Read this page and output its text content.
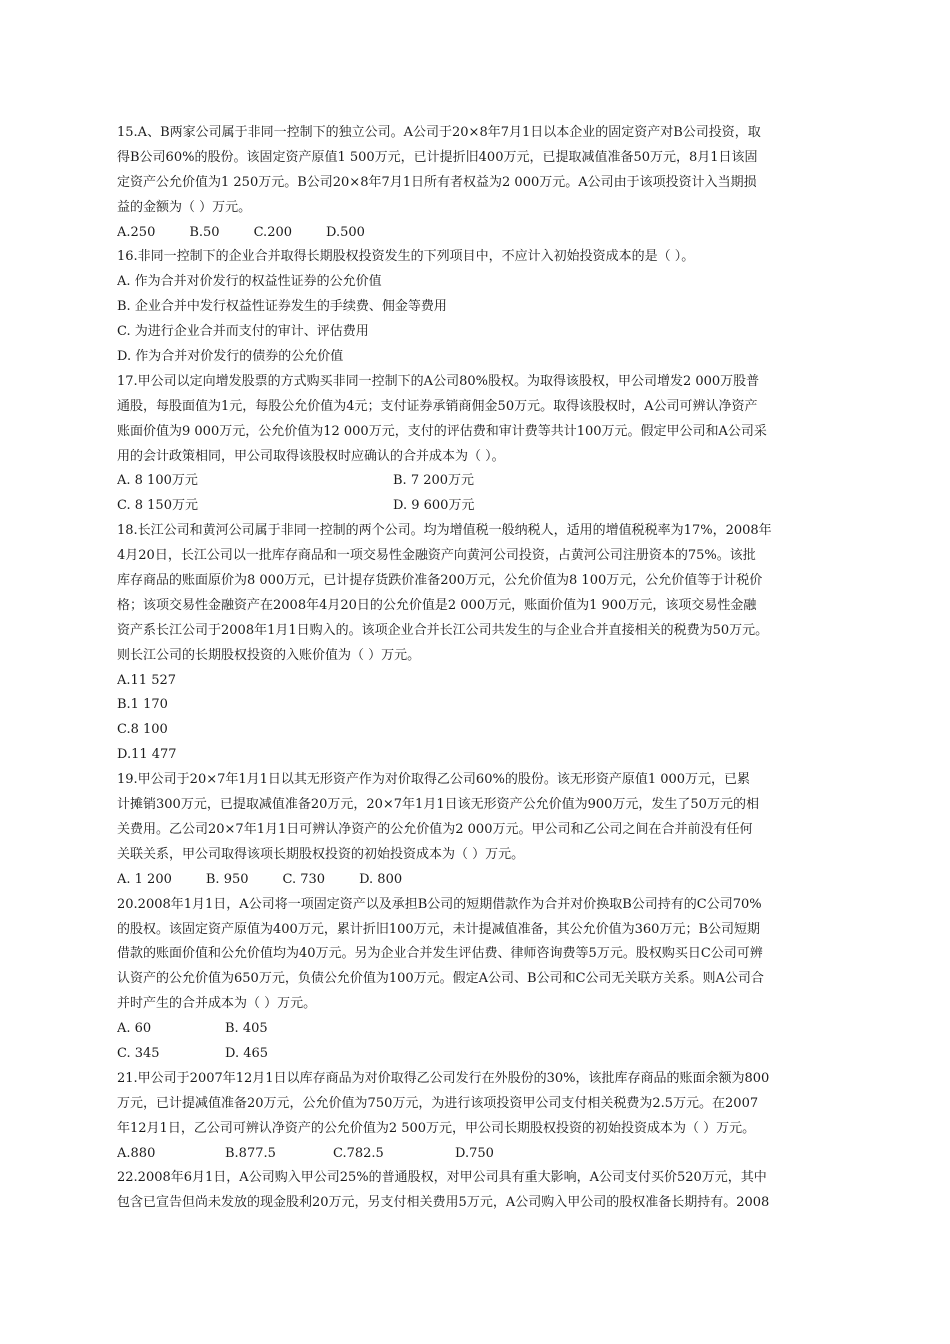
15.A、B两家公司属于非同一控制下的独立公司。A公司于20×8年7月1日以本企业的固定资产对B公司投资，取
得B公司60%的股份。该固定资产原值1 500万元，已计提折旧400万元，已提取减值准备50万元，8月1日该固
定资产公允价值为1 250万元。B公司20×8年7月1日所有者权益为2 000万元。A公司由于该项投资计入当期损
益的金额为（ ）万元。
A.250	B.50	C.200	D.500
16.非同一控制下的企业合并取得长期股权投资发生的下列项目中，不应计入初始投资成本的是（ ）。
A. 作为合并对价发行的权益性证券的公允价值
B. 企业合并中发行权益性证券发生的手续费、佣金等费用
C. 为进行企业合并而支付的审计、评估费用
D. 作为合并对价发行的债券的公允价值
17.甲公司以定向增发股票的方式购买非同一控制下的A公司80%股权。为取得该股权，甲公司增发2 000万股普
通股，每股面值为1元，每股公允价值为4元；支付证券承销商佣金50万元。取得该股权时，A公司可辨认净资产
账面价值为9 000万元，公允价值为12 000万元，支付的评估费和审计费等共计100万元。假定甲公司和A公司采
用的会计政策相同，甲公司取得该股权时应确认的合并成本为（ ）。
A. 8 100万元	B. 7 200万元
C. 8 150万元	D. 9 600万元
18.长江公司和黄河公司属于非同一控制的两个公司。均为增值税一般纳税人，适用的增值税税率为17%，2008年
4月20日，长江公司以一批库存商品和一项交易性金融资产向黄河公司投资，占黄河公司注册资本的75%。该批
库存商品的账面原价为8 000万元，已计提存货跌价准备200万元，公允价值为8 100万元，公允价值等于计税价
格；该项交易性金融资产在2008年4月20日的公允价值是2 000万元，账面价值为1 900万元，该项交易性金融
资产系长江公司于2008年1月1日购入的。该项企业合并长江公司共发生的与企业合并直接相关的税费为50万元。
则长江公司的长期股权投资的入账价值为（ ）万元。
A.11 527
B.1 170
C.8 100
D.11 477
19.甲公司于20×7年1月1日以其无形资产作为对价取得乙公司60%的股份。该无形资产原值1 000万元，已累
计摊销300万元，已提取减值准备20万元，20×7年1月1日该无形资产公允价值为900万元，发生了50万元的相
关费用。乙公司20×7年1月1日可辨认净资产的公允价值为2 000万元。甲公司和乙公司之间在合并前没有任何
关联关系，甲公司取得该项长期股权投资的初始投资成本为（ ）万元。
A. 1 200	B. 950	C. 730	D. 800
20.2008年1月1日，A公司将一项固定资产以及承担B公司的短期借款作为合并对价换取B公司持有的C公司70%
的股权。该固定资产原值为400万元，累计折旧100万元，未计提减值准备，其公允价值为360万元；B公司短期
借款的账面价值和公允价值均为40万元。另为企业合并发生评估费、律师咨询费等5万元。股权购买日C公司可辨
认资产的公允价值为650万元，负债公允价值为100万元。假定A公司、B公司和C公司无关联方关系。则A公司合
并时产生的合并成本为（ ）万元。
A. 60	B. 405
C. 345	D. 465
21.甲公司于2007年12月1日以库存商品为对价取得乙公司发行在外股份的30%，该批库存商品的账面余额为800
万元，已计提减值准备20万元，公允价值为750万元，为进行该项投资甲公司支付相关税费为2.5万元。在2007
年12月1日，乙公司可辨认净资产的公允价值为2 500万元，甲公司长期股权投资的初始投资成本为（ ）万元。
A.880	B.877.5	C.782.5	D.750
22.2008年6月1日，A公司购入甲公司25%的普通股权，对甲公司具有重大影响，A公司支付买价520万元，其中
包含已宣告但尚未发放的现金股利20万元，另支付相关费用5万元，A公司购入甲公司的股权准备长期持有。2008
